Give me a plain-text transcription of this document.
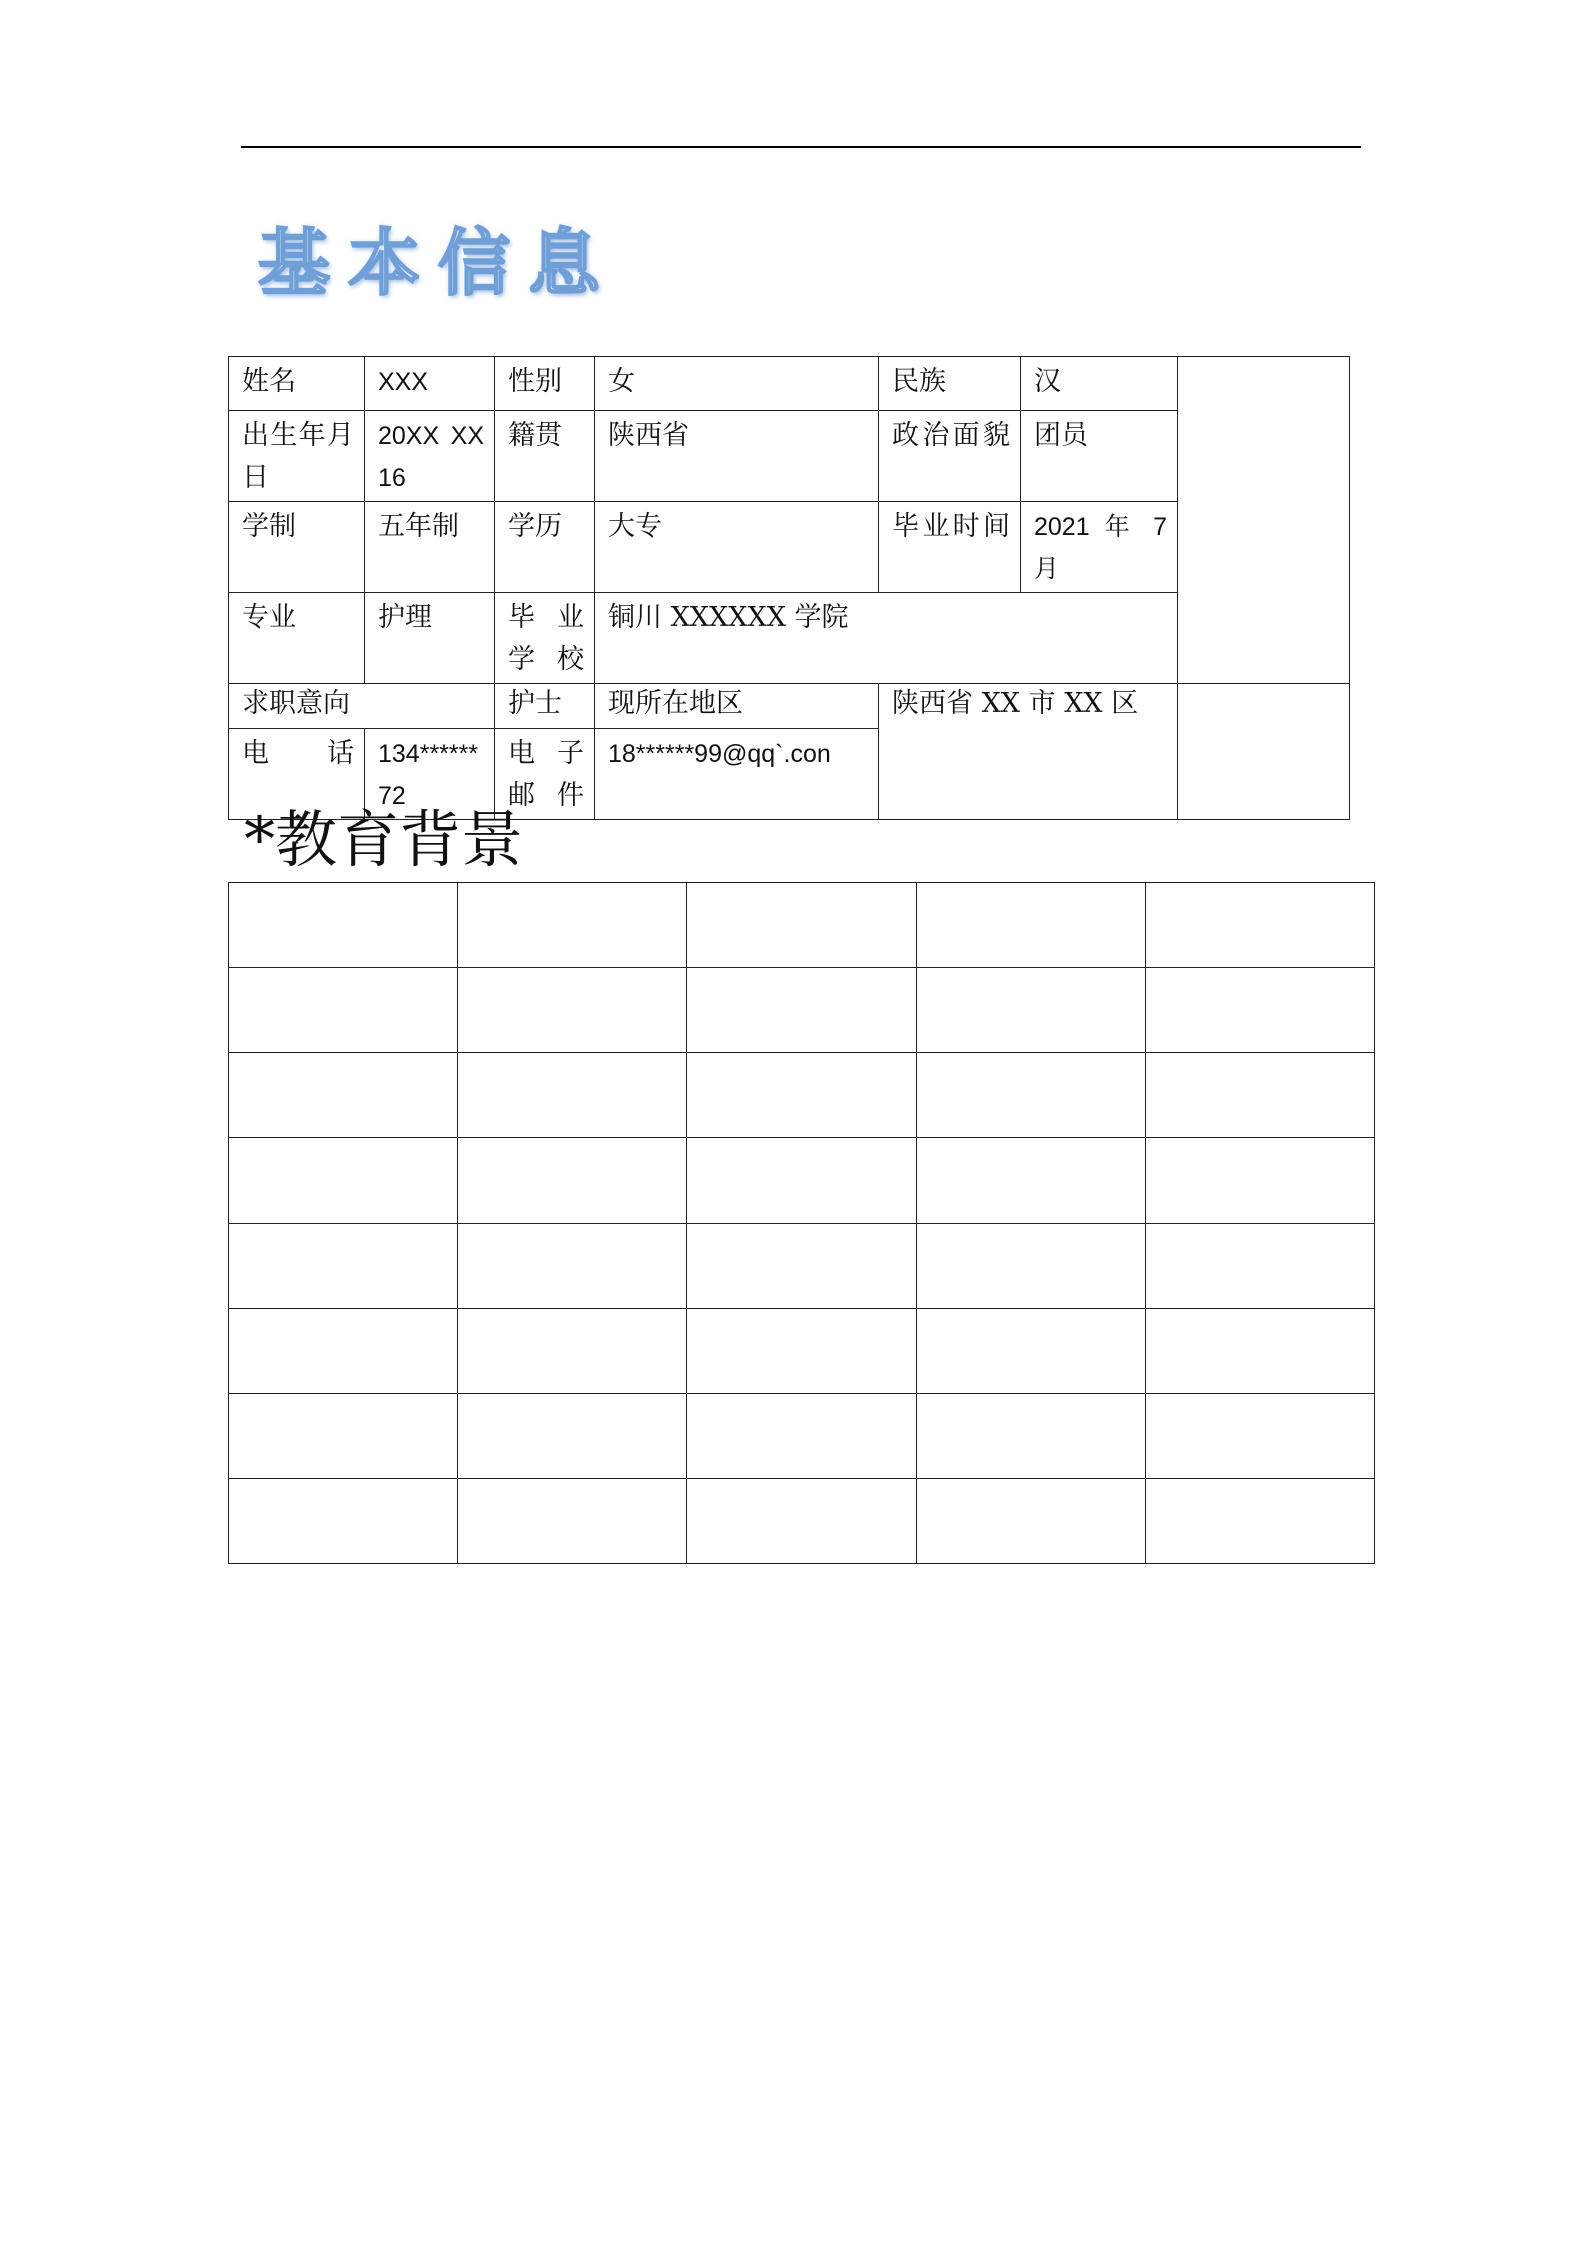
基本信息
姓名	XXX	性别	女	民族	汉	
出生年月日	20XX XX 16	籍贯	陕西省	政治面貌	团员	
学制	五年制	学历	大专	毕业时间	2021 年 7 月	
专业	护理	毕业学校	铜川 XXXXXX 学院			
求职意向		护士	现所在地区	陕西省 XX 市 XX 区		
电话	134******72	电子邮件	18******99@qq`.con			
*教育背景
